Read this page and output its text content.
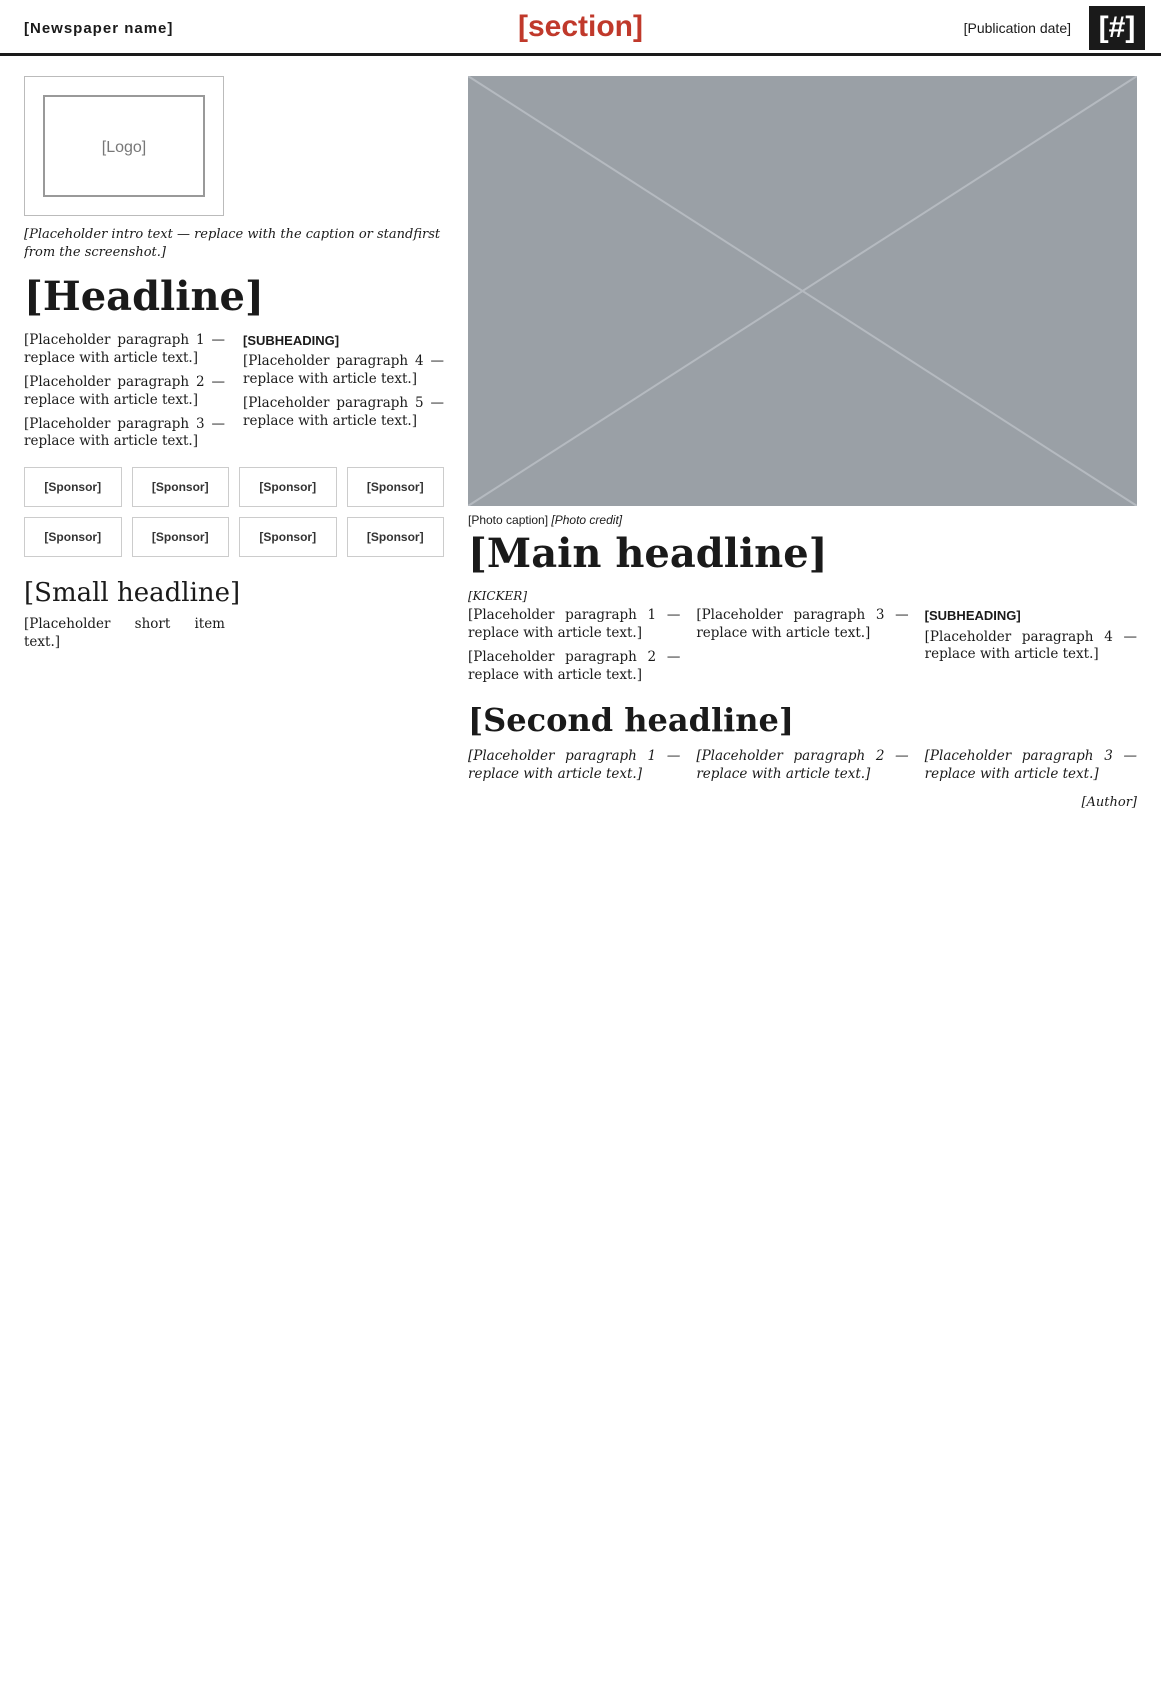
[Newspaper name]	[section]	[Publication date] [#]
[Logo]

[Placeholder intro text — replace with the caption or standfirst from the screenshot.]

[Headline]

[Placeholder paragraph 1 — replace with article text.]

[Placeholder paragraph 2 — replace with article text.]

[Placeholder paragraph 3 — replace with article text.]

[SUBHEADING]

[Placeholder paragraph 4 — replace with article text.]

[Placeholder paragraph 5 — replace with article text.]

[Sponsor]	[Sponsor]	[Sponsor]	[Sponsor]
[Sponsor]	[Sponsor]	[Sponsor]	[Sponsor]
[Small headline]

[Placeholder short item text.]

[Photo caption] [Photo credit]

[Main headline]
[KICKER]

[Placeholder paragraph 1 — replace with article text.]

[Placeholder paragraph 2 — replace with article text.]

[Placeholder paragraph 3 — replace with article text.]

[SUBHEADING]

[Placeholder paragraph 4 — replace with article text.]

[Second headline]

[Placeholder paragraph 1 — replace with article text.]

[Placeholder paragraph 2 — replace with article text.]

[Placeholder paragraph 3 — replace with article text.]

[Author]
